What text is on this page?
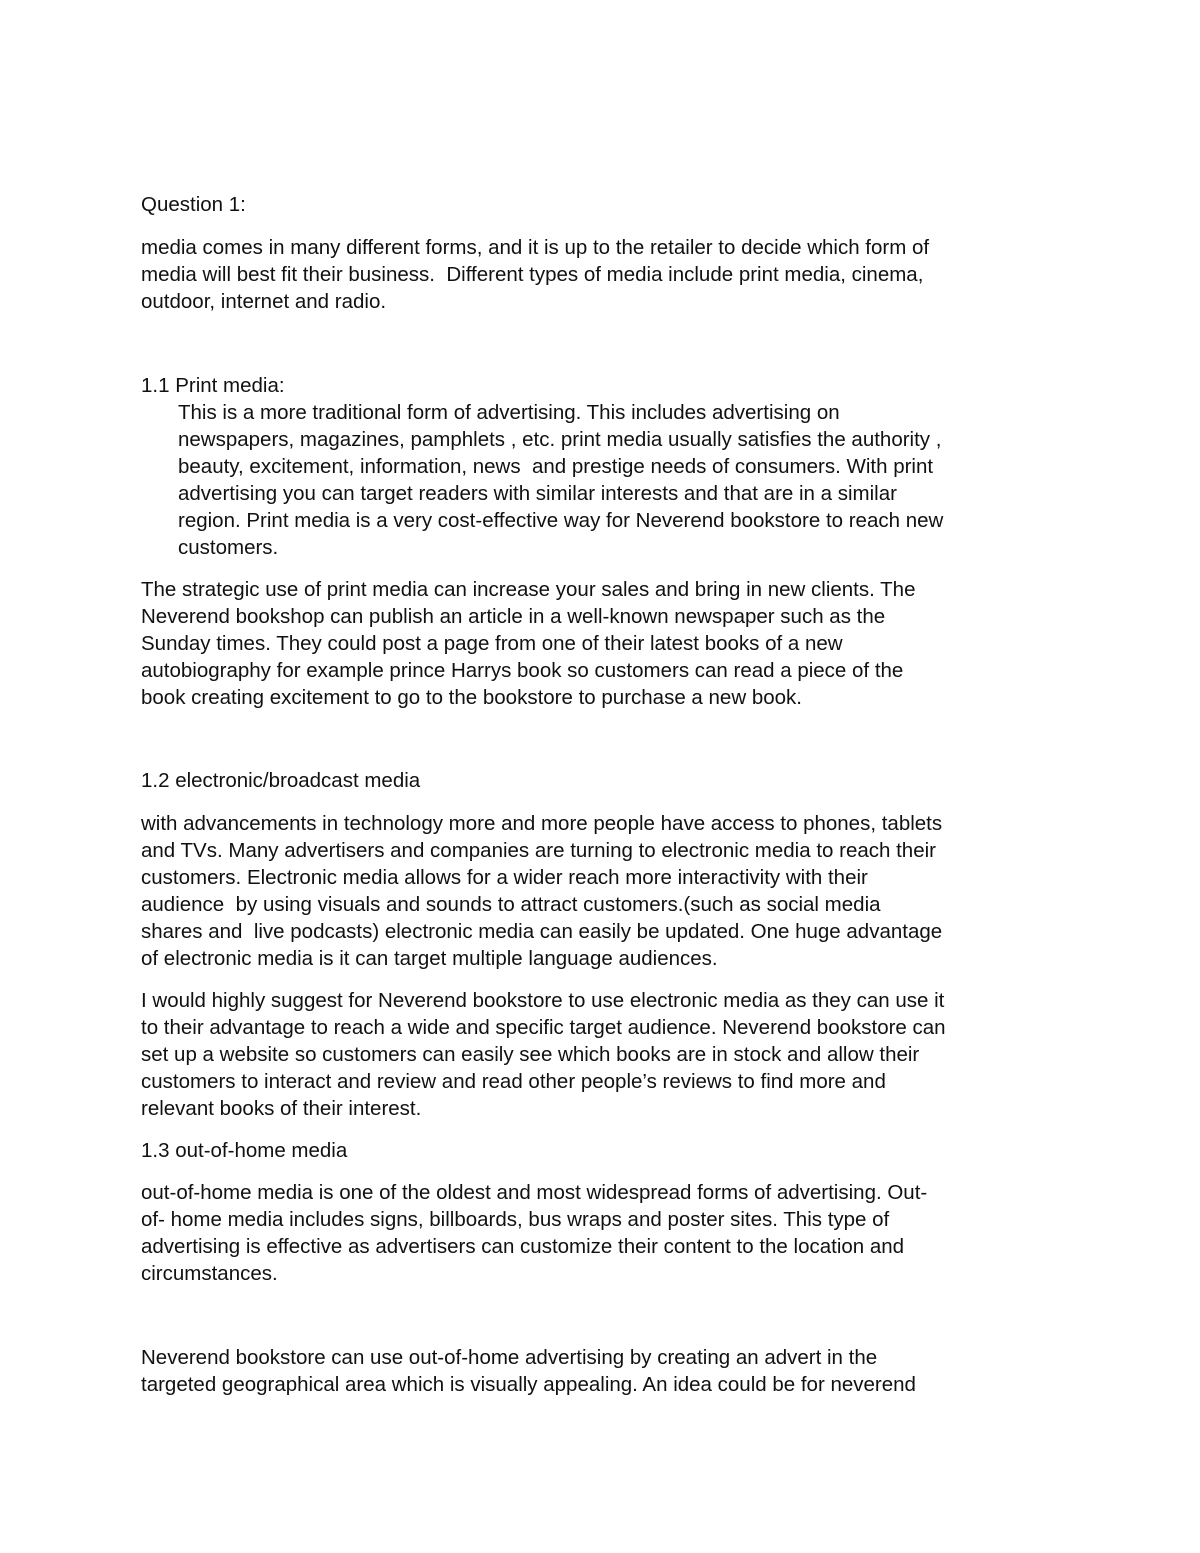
Question 1:
media comes in many different forms, and it is up to the retailer to decide which form of
media will best fit their business.  Different types of media include print media, cinema,
outdoor, internet and radio.
1.1 Print media:
This is a more traditional form of advertising. This includes advertising on
newspapers, magazines, pamphlets , etc. print media usually satisfies the authority ,
beauty, excitement, information, news  and prestige needs of consumers. With print
advertising you can target readers with similar interests and that are in a similar
region. Print media is a very cost-effective way for Neverend bookstore to reach new
customers.
The strategic use of print media can increase your sales and bring in new clients. The
Neverend bookshop can publish an article in a well-known newspaper such as the
Sunday times. They could post a page from one of their latest books of a new
autobiography for example prince Harrys book so customers can read a piece of the
book creating excitement to go to the bookstore to purchase a new book.
1.2 electronic/broadcast media
with advancements in technology more and more people have access to phones, tablets
and TVs. Many advertisers and companies are turning to electronic media to reach their
customers. Electronic media allows for a wider reach more interactivity with their
audience  by using visuals and sounds to attract customers.(such as social media
shares and  live podcasts) electronic media can easily be updated. One huge advantage
of electronic media is it can target multiple language audiences.
I would highly suggest for Neverend bookstore to use electronic media as they can use it
to their advantage to reach a wide and specific target audience. Neverend bookstore can
set up a website so customers can easily see which books are in stock and allow their
customers to interact and review and read other people’s reviews to find more and
relevant books of their interest.
1.3 out-of-home media
out-of-home media is one of the oldest and most widespread forms of advertising. Out-
of- home media includes signs, billboards, bus wraps and poster sites. This type of
advertising is effective as advertisers can customize their content to the location and
circumstances.
Neverend bookstore can use out-of-home advertising by creating an advert in the
targeted geographical area which is visually appealing. An idea could be for neverend
